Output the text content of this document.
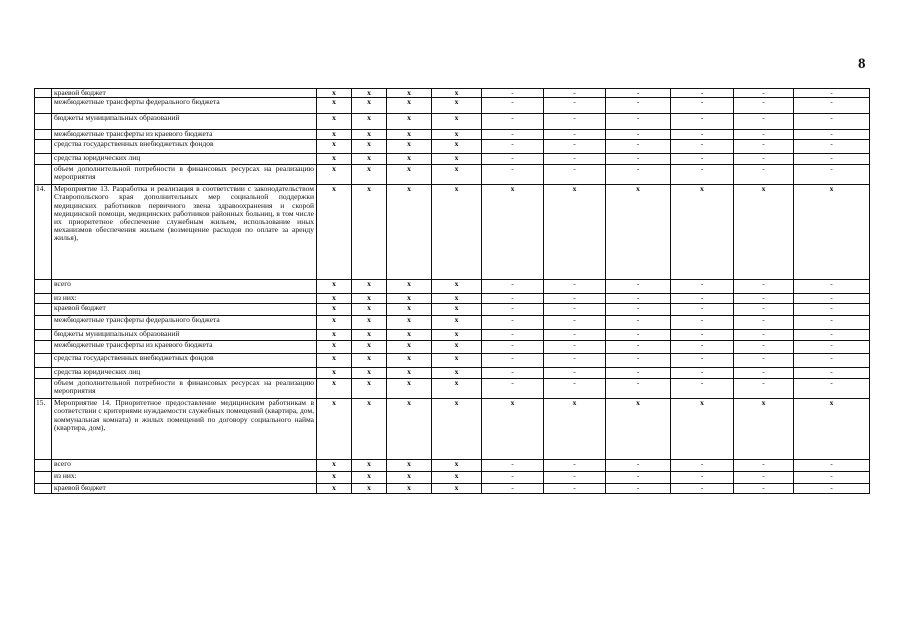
8
	краевой бюджет	x	x	x	x	-	-	-	-	-	-
	межбюджетные трансферты федерального бюджета	x	x	x	x	-	-	-	-	-	-
	бюджеты муниципальных образований	x	x	x	x	-	-	-	-	-	-
	межбюджетные трансферты из краевого бюджета	x	x	x	x	-	-	-	-	-	-
	средства государственных внебюджетных фондов	x	x	x	x	-	-	-	-	-	-
	средства юридических лиц	x	x	x	x	-	-	-	-	-	-
	объем дополнительной потребности в финансовых ресурсах на реализацию мероприятия	x	x	x	x	-	-	-	-	-	-
14.	Мероприятие 13. Разработка и реализация в соответствии с законодательством Ставропольского края дополнительных мер социальной поддержки медицинских работников первичного звена здравоохранения и скорой медицинской помощи, медицинских работников районных больниц, в том числе их приоритетное обеспечение служебным жильем, использование иных механизмов обеспечения жильем (возмещение расходов по оплате за аренду жилья),	x	x	x	x	x	x	x	x	x	x
	всего	x	x	x	x	-	-	-	-	-	-
	из них:	x	x	x	x	-	-	-	-	-	-
	краевой бюджет	x	x	x	x	-	-	-	-	-	-
	межбюджетные трансферты федерального бюджета	x	x	x	x	-	-	-	-	-	-
	бюджеты муниципальных образований	x	x	x	x	-	-	-	-	-	-
	межбюджетные трансферты из краевого бюджета	x	x	x	x	-	-	-	-	-	-
	средства государственных внебюджетных фондов	x	x	x	x	-	-	-	-	-	-
	средства юридических лиц	x	x	x	x	-	-	-	-	-	-
	объем дополнительной потребности в финансовых ресурсах на реализацию мероприятия	x	x	x	x	-	-	-	-	-	-
15.	Мероприятие 14. Приоритетное предоставление медицинским работникам в соответствии с критериями нуждаемости служебных помещений (квартира, дом, коммунальная комната) и жилых помещений по договору социального найма (квартира, дом),	x	x	x	x	x	x	x	x	x	x
	всего	x	x	x	x	-	-	-	-	-	-
	из них:	x	x	x	x	-	-	-	-	-	-
	краевой бюджет	x	x	x	x	-	-	-	-	-	-
